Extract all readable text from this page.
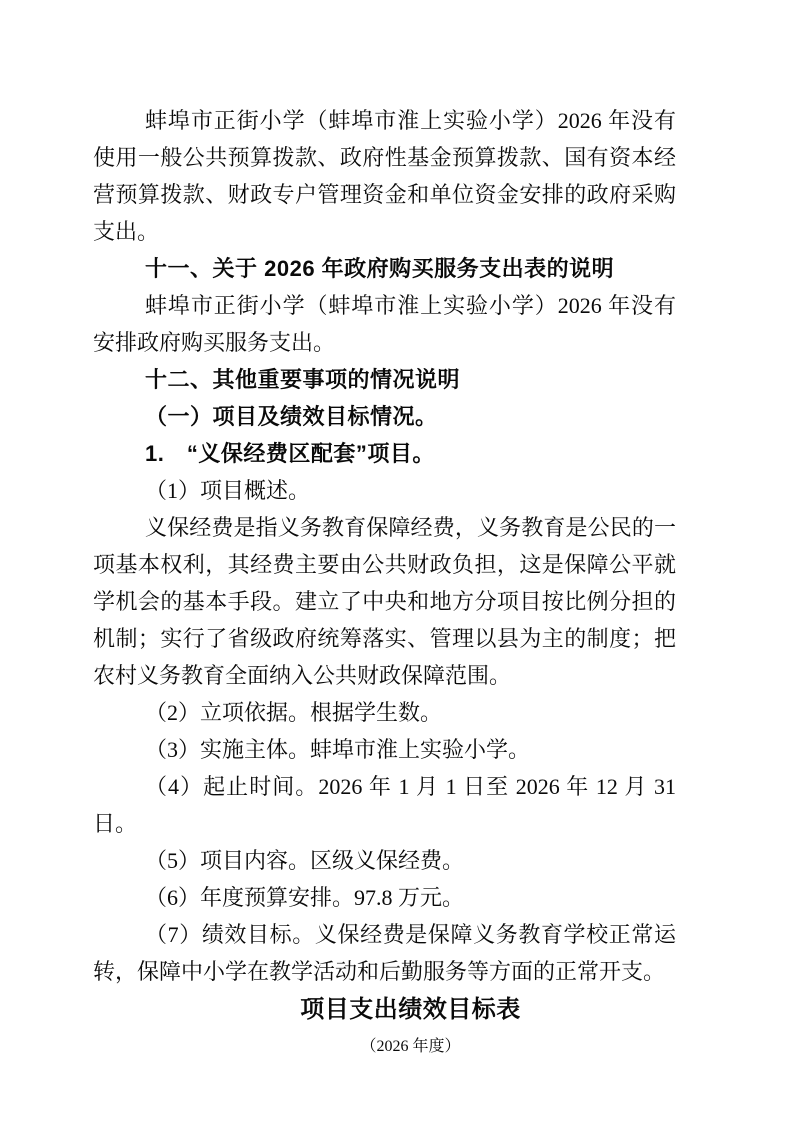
蚌埠市正街小学（蚌埠市淮上实验小学）2026 年没有使用一般公共预算拨款、政府性基金预算拨款、国有资本经营预算拨款、财政专户管理资金和单位资金安排的政府采购支出。

十一、关于 2026 年政府购买服务支出表的说明

蚌埠市正街小学（蚌埠市淮上实验小学）2026 年没有安排政府购买服务支出。

十二、其他重要事项的情况说明

（一）项目及绩效目标情况。

1.　“义保经费区配套”项目。

（1）项目概述。

义保经费是指义务教育保障经费，义务教育是公民的一项基本权利，其经费主要由公共财政负担，这是保障公平就学机会的基本手段。建立了中央和地方分项目按比例分担的机制；实行了省级政府统筹落实、管理以县为主的制度；把农村义务教育全面纳入公共财政保障范围。

（2）立项依据。根据学生数。

（3）实施主体。蚌埠市淮上实验小学。

（4）起止时间。2026 年 1 月 1 日至 2026 年 12 月 31 日。

（5）项目内容。区级义保经费。

（6）年度预算安排。97.8 万元。

（7）绩效目标。义保经费是保障义务教育学校正常运转，保障中小学在教学活动和后勤服务等方面的正常开支。

项目支出绩效目标表

（2026 年度）
